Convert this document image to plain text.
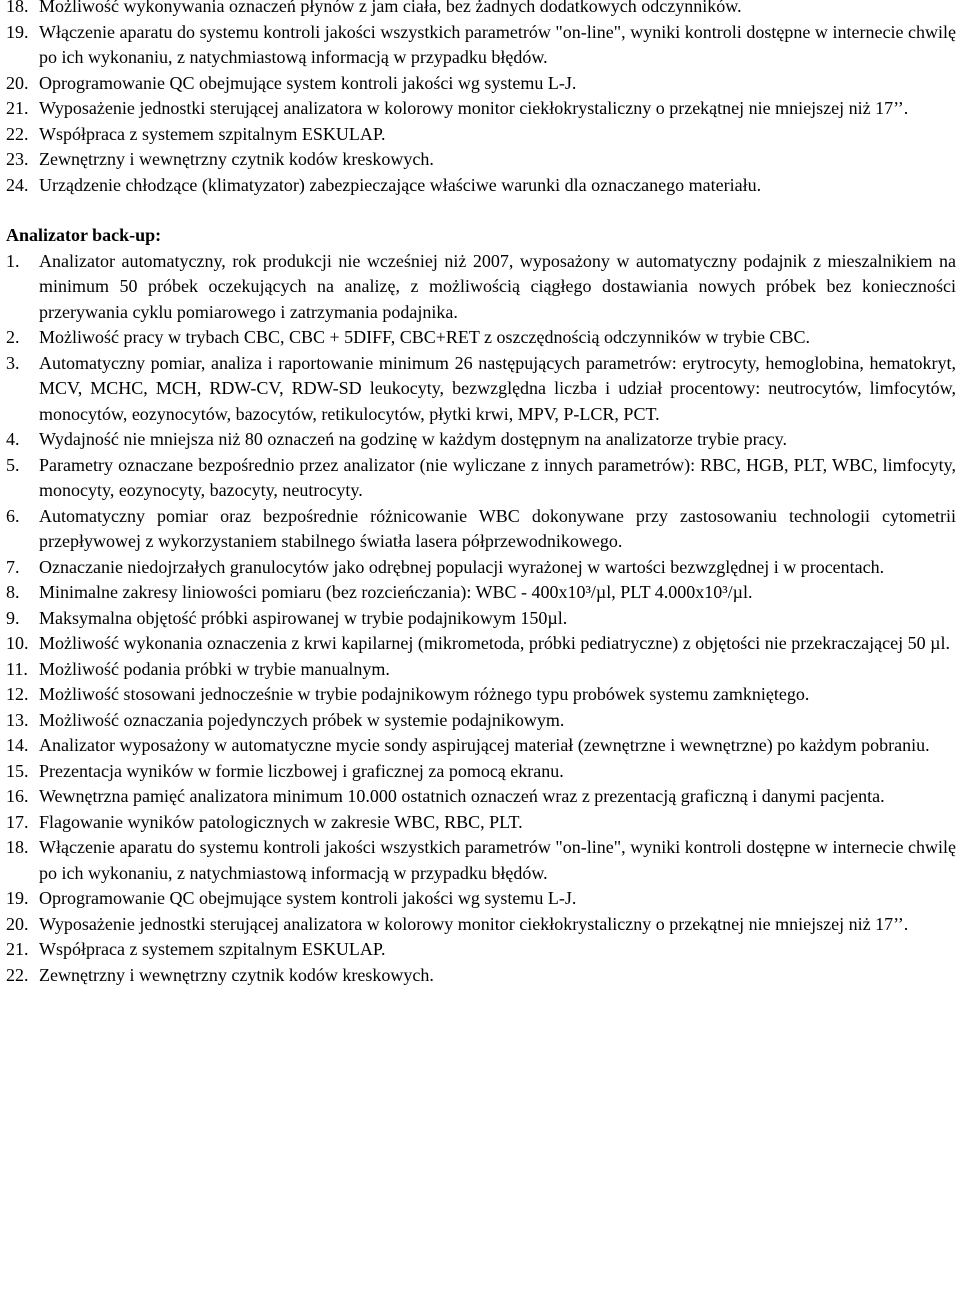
18. Możliwość wykonywania oznaczeń płynów z jam ciała, bez żadnych dodatkowych odczynników.
19. Włączenie aparatu do systemu kontroli jakości wszystkich parametrów "on-line", wyniki kontroli dostępne w internecie chwilę po ich wykonaniu, z natychmiastową informacją w przypadku błędów.
20. Oprogramowanie QC obejmujące system kontroli jakości wg systemu L-J.
21. Wyposażenie jednostki sterującej analizatora w kolorowy monitor ciekłokrystaliczny o przekątnej nie mniejszej niż 17’’.
22. Współpraca z systemem szpitalnym ESKULAP.
23. Zewnętrzny i wewnętrzny czytnik kodów kreskowych.
24. Urządzenie chłodzące (klimatyzator) zabezpieczające właściwe warunki dla oznaczanego materiału.
Analizator back-up:
1.	Analizator automatyczny, rok produkcji nie wcześniej niż 2007, wyposażony w automatyczny podajnik z mieszalnikiem na minimum 50 próbek oczekujących na analizę, z możliwością ciągłego dostawiania nowych próbek bez konieczności przerywania cyklu pomiarowego i zatrzymania podajnika.
2.	Możliwość pracy w trybach CBC, CBC + 5DIFF, CBC+RET z oszczędnością odczynników w trybie CBC.
3.	Automatyczny pomiar, analiza i raportowanie minimum 26 następujących parametrów: erytrocyty, hemoglobina, hematokryt, MCV, MCHC, MCH, RDW-CV, RDW-SD leukocyty, bezwzględna liczba i udział procentowy: neutrocytów, limfocytów, monocytów, eozynocytów, bazocytów, retikulocytów, płytki krwi, MPV, P-LCR, PCT.
4.	Wydajność nie mniejsza niż 80 oznaczeń na godzinę w każdym dostępnym na analizatorze trybie pracy.
5.	Parametry oznaczane bezpośrednio przez analizator (nie wyliczane z innych parametrów): RBC, HGB, PLT, WBC, limfocyty, monocyty, eozynocyty, bazocyty, neutrocyty.
6.	Automatyczny pomiar oraz bezpośrednie różnicowanie WBC dokonywane przy zastosowaniu technologii cytometrii przepływowej z wykorzystaniem stabilnego światła lasera półprzewodnikowego.
7.	Oznaczanie niedojrzałych granulocytów jako odrębnej populacji wyrażonej w wartości bezwzględnej i w procentach.
8.	Minimalne zakresy liniowości pomiaru (bez rozcieńczania): WBC - 400x10³/µl, PLT 4.000x10³/µl.
9.	Maksymalna objętość próbki aspirowanej w trybie podajnikowym 150µl.
10. Możliwość wykonania oznaczenia z krwi kapilarnej (mikrometoda, próbki pediatryczne) z objętości nie przekraczającej 50 µl.
11. Możliwość podania próbki w trybie manualnym.
12. Możliwość stosowani jednocześnie w trybie podajnikowym różnego typu probówek systemu zamkniętego.
13. Możliwość oznaczania pojedynczych próbek w systemie podajnikowym.
14. Analizator wyposażony w automatyczne mycie sondy aspirującej materiał (zewnętrzne i wewnętrzne) po każdym pobraniu.
15. Prezentacja wyników w formie liczbowej i graficznej za pomocą ekranu.
16. Wewnętrzna pamięć analizatora minimum 10.000 ostatnich oznaczeń wraz z prezentacją graficzną i danymi pacjenta.
17. Flagowanie wyników patologicznych w zakresie WBC, RBC, PLT.
18. Włączenie aparatu do systemu kontroli jakości wszystkich parametrów "on-line", wyniki kontroli dostępne w internecie chwilę po ich wykonaniu, z natychmiastową informacją w przypadku błędów.
19. Oprogramowanie QC obejmujące system kontroli jakości wg systemu L-J.
20. Wyposażenie jednostki sterującej analizatora w kolorowy monitor ciekłokrystaliczny o przekątnej nie mniejszej niż 17’’.
21. Współpraca z systemem szpitalnym ESKULAP.
22. Zewnętrzny i wewnętrzny czytnik kodów kreskowych.
